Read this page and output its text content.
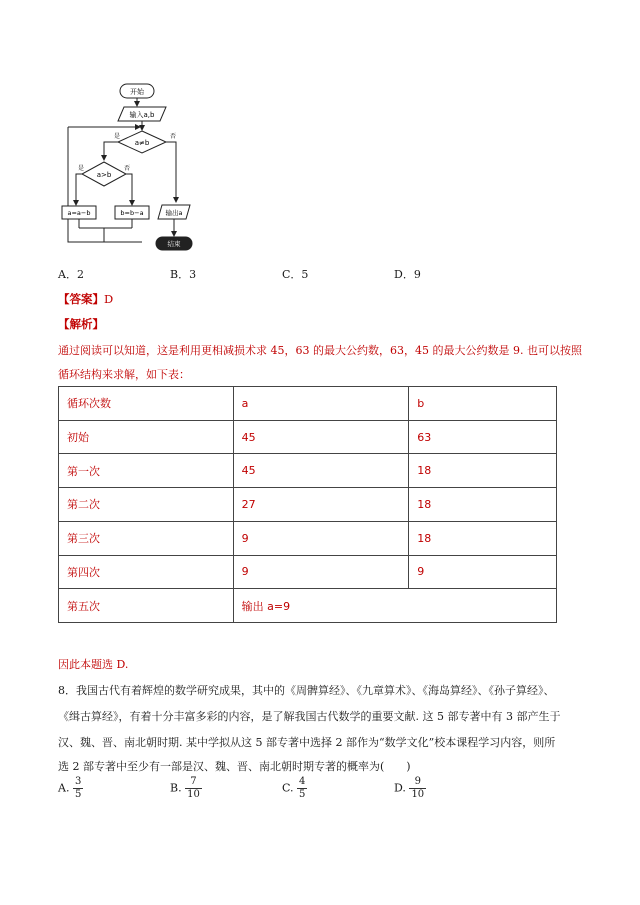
开始
输入a,b
a≠b
是	否
a>b
是	否
a=a−b	b=b−a	输出a
结束
A．2	B．3	C．5	D．9
【答案】D
【解析】
通过阅读可以知道，这是利用更相减损术求 45，63 的最大公约数，63，45 的最大公约数是 9. 也可以按照
循环结构来求解，如下表：
循环次数	a	b
初始	45	63
第一次	45	18
第二次	27	18
第三次	9	18
第四次	9	9
第五次	输出 a=9	
因此本题选 D.
8．我国古代有着辉煌的数学研究成果，其中的《周髀算经》、《九章算术》、《海岛算经》、《孙子算经》、
《缉古算经》，有着十分丰富多彩的内容，是了解我国古代数学的重要文献. 这 5 部专著中有 3 部产生于
汉、魏、晋、南北朝时期. 某中学拟从这 5 部专著中选择 2 部作为“数学文化”校本课程学习内容，则所
选 2 部专著中至少有一部是汉、魏、晋、南北朝时期专著的概率为(　　)
A. $\frac{3}{5}$	B. $\frac{7}{10}$	C. $\frac{4}{5}$	D. $\frac{9}{10}$
